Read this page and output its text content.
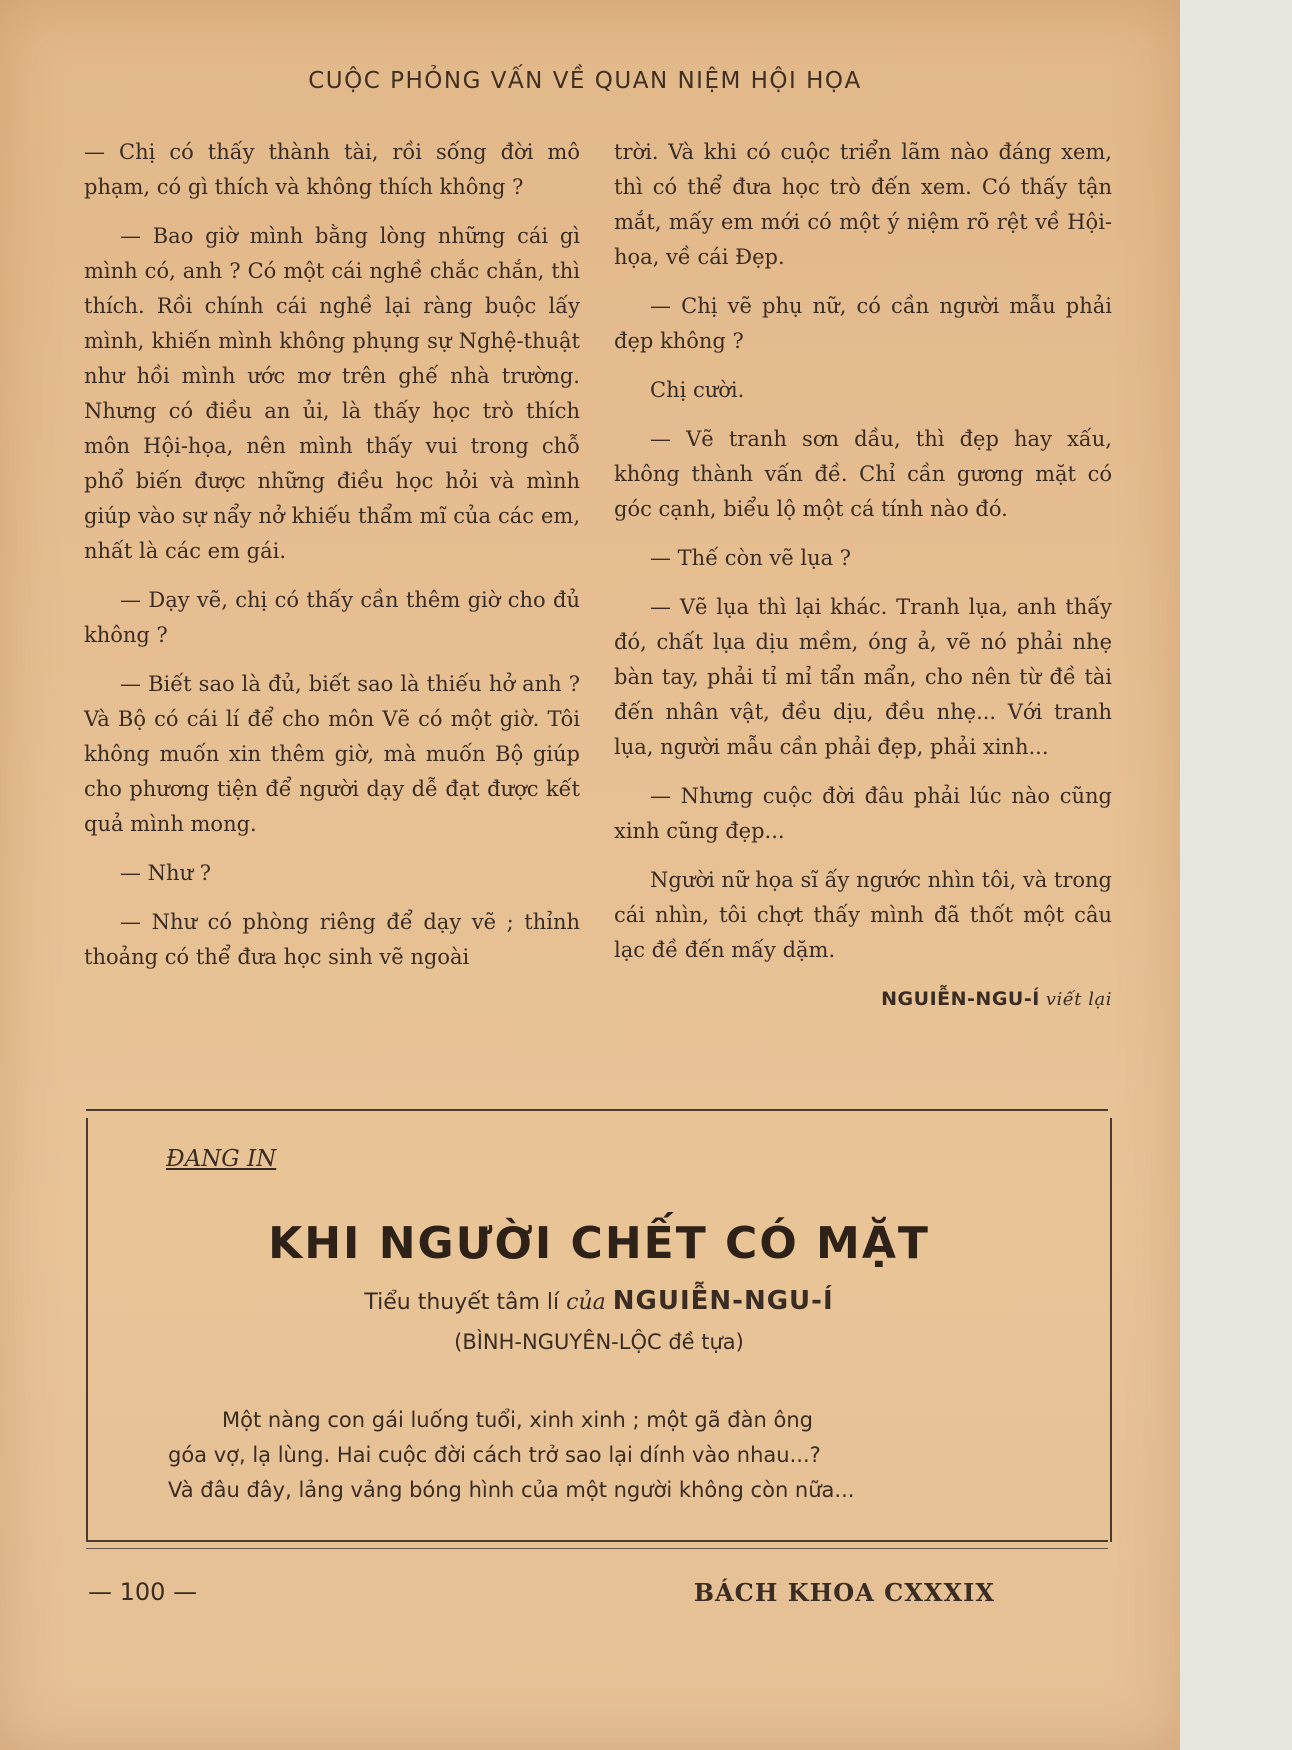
CUỘC PHỎNG VẤN VỀ QUAN NIỆM HỘI HỌA

— Chị có thấy thành tài, rồi sống đời mô phạm, có gì thích và không thích không ?

— Bao giờ mình bằng lòng những cái gì mình có, anh ? Có một cái nghề chắc chắn, thì thích. Rồi chính cái nghề lại ràng buộc lấy mình, khiến mình không phụng sự Nghệ-thuật như hồi mình ước mơ trên ghế nhà trường. Nhưng có điều an ủi, là thấy học trò thích môn Hội-họa, nên mình thấy vui trong chỗ phổ biến được những điều học hỏi và mình giúp vào sự nẩy nở khiếu thẩm mĩ của các em, nhất là các em gái.

— Dạy vẽ, chị có thấy cần thêm giờ cho đủ không ?

— Biết sao là đủ, biết sao là thiếu hở anh ? Và Bộ có cái lí để cho môn Vẽ có một giờ. Tôi không muốn xin thêm giờ, mà muốn Bộ giúp cho phương tiện để người dạy dễ đạt được kết quả mình mong.

— Như ?

— Như có phòng riêng để dạy vẽ ; thỉnh thoảng có thể đưa học sinh vẽ ngoài

trời. Và khi có cuộc triển lãm nào đáng xem, thì có thể đưa học trò đến xem. Có thấy tận mắt, mấy em mới có một ý niệm rõ rệt về Hội-họa, về cái Đẹp.

— Chị vẽ phụ nữ, có cần người mẫu phải đẹp không ?

Chị cười.

— Vẽ tranh sơn dầu, thì đẹp hay xấu, không thành vấn đề. Chỉ cần gương mặt có góc cạnh, biểu lộ một cá tính nào đó.

— Thế còn vẽ lụa ?

— Vẽ lụa thì lại khác. Tranh lụa, anh thấy đó, chất lụa dịu mềm, óng ả, vẽ nó phải nhẹ bàn tay, phải tỉ mỉ tẩn mẩn, cho nên từ đề tài đến nhân vật, đều dịu, đều nhẹ... Với tranh lụa, người mẫu cần phải đẹp, phải xinh...

— Nhưng cuộc đời đâu phải lúc nào cũng xinh cũng đẹp...

Người nữ họa sĩ ấy ngước nhìn tôi, và trong cái nhìn, tôi chợt thấy mình đã thốt một câu lạc đề đến mấy dặm.

NGUIỄN-NGU-Í viết lại
ĐANG IN
KHI NGƯỜI CHẾT CÓ MẶT
Tiểu thuyết tâm lí của NGUIỄN-NGU-Í
(BÌNH-NGUYÊN-LỘC đề tựa)
Một nàng con gái luống tuổi, xinh xinh ; một gã đàn ông
góa vợ, lạ lùng. Hai cuộc đời cách trở sao lại dính vào nhau...?
Và đâu đây, lảng vảng bóng hình của một người không còn nữa...
— 100 —	BÁCH KHOA CXXXIX
